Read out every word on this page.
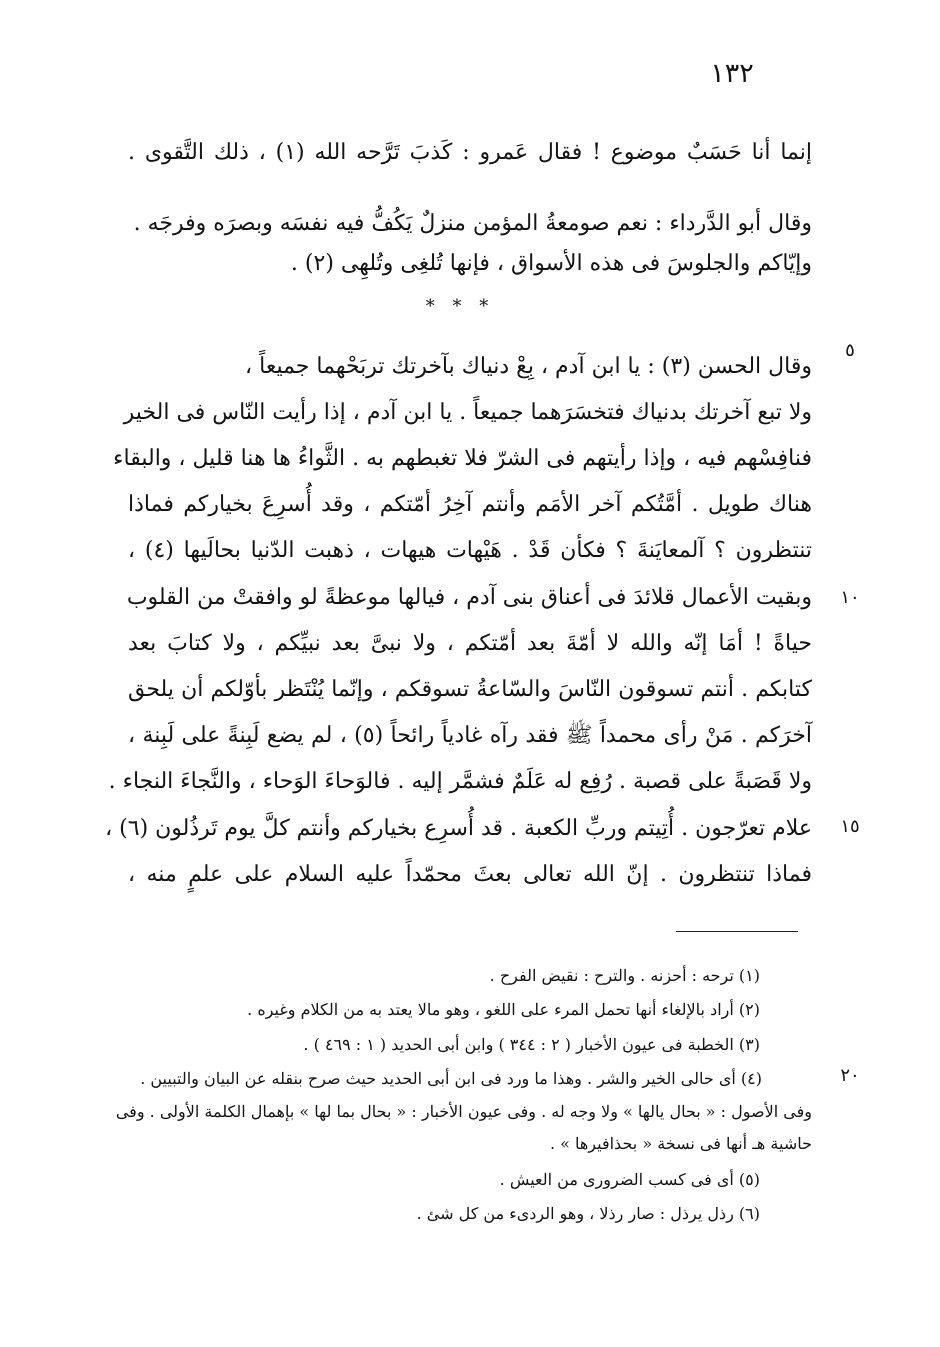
١٣٢
إنما أنا حَسَبٌ موضوع ! فقال عَمرو : كَذبَ تَرَّحه الله (١) ، ذلك التَّقوى .
وقال أبو الدَّرداء : نعم صومعةُ المؤمن منزلٌ يَكُفُّ فيه نفسَه وبصرَه وفرجَه .
وإيّاكم والجلوسَ فى هذه الأسواق ، فإنها تُلغِى وتُلهِى (٢) .
* * *
وقال الحسن (٣) : يا ابن آدم ، بِعْ دنياك بآخرتك تربَحْهما جميعاً ،
ولا تبع آخرتك بدنياك فتخسَرَهما جميعاً . يا ابن آدم ، إذا رأيت النّاس فى الخير
فنافِسْهم فيه ، وإذا رأيتهم فى الشرّ فلا تغبطهم به . الثَّواءُ ها هنا قليل ، والبقاء
هناك طويل . أمَّتُكم آخر الأمَم وأنتم آخِرُ أمّتكم ، وقد أُسرِعَ بخياركم فماذا
تنتظرون ؟ آلمعايَنةَ ؟ فكأن قَدْ . هَيْهات هيهات ، ذهبت الدّنيا بحالَيها (٤) ،
وبقيت الأعمال قلائدَ فى أعناق بنى آدم ، فيالها موعظةً لو وافقتْ من القلوب
حياةً ! أمَا إنّه والله لا أمّةَ بعد أمّتكم ، ولا نبىَّ بعد نبيِّكم ، ولا كتابَ بعد
كتابكم . أنتم تسوقون النّاسَ والسّاعةُ تسوقكم ، وإنّما يُنْتَظر بأوّلكم أن يلحق
آخرَكم . مَنْ رأى محمداً ﷺ فقد رآه غادياً رائحاً (٥) ، لم يضع لَبِنةً على لَبِنة ،
ولا قَصَبةً على قصبة . رُفِع له عَلَمٌ فشمَّر إليه . فالوَحاءَ الوَحاء ، والنَّجاءَ النجاء .
علام تعرّجون . أُتِيتم وربِّ الكعبة . قد أُسرِع بخياركم وأنتم كلَّ يوم تَرذُلون (٦) ،
فماذا تنتظرون . إنّ الله تعالى بعثَ محمّداً عليه السلام على علمٍ منه ،
٥
١٠
١٥
٢٠
(١) ترحه : أحزنه . والترح : نقيض الفرح .
(٢) أراد بالإلغاء أنها تحمل المرء على اللغو ، وهو مالا يعتد به من الكلام وغيره .
(٣) الخطبة فى عيون الأخبار ( ٢ : ٣٤٤ ) وابن أبى الحديد ( ١ : ٤٦٩ ) .
(٤) أى حالى الخير والشر . وهذا ما ورد فى ابن أبى الحديد حيث صرح بنقله عن البيان والتبيين .
وفى الأصول : « بحال يالها » ولا وجه له . وفى عيون الأخبار : « بحال بما لها » بإهمال الكلمة الأولى . وفى
حاشية هـ أنها فى نسخة « بحذافيرها » .
(٥) أى فى كسب الضرورى من العيش .
(٦) رذل يرذل : صار رذلا ، وهو الردىء من كل شئ .
